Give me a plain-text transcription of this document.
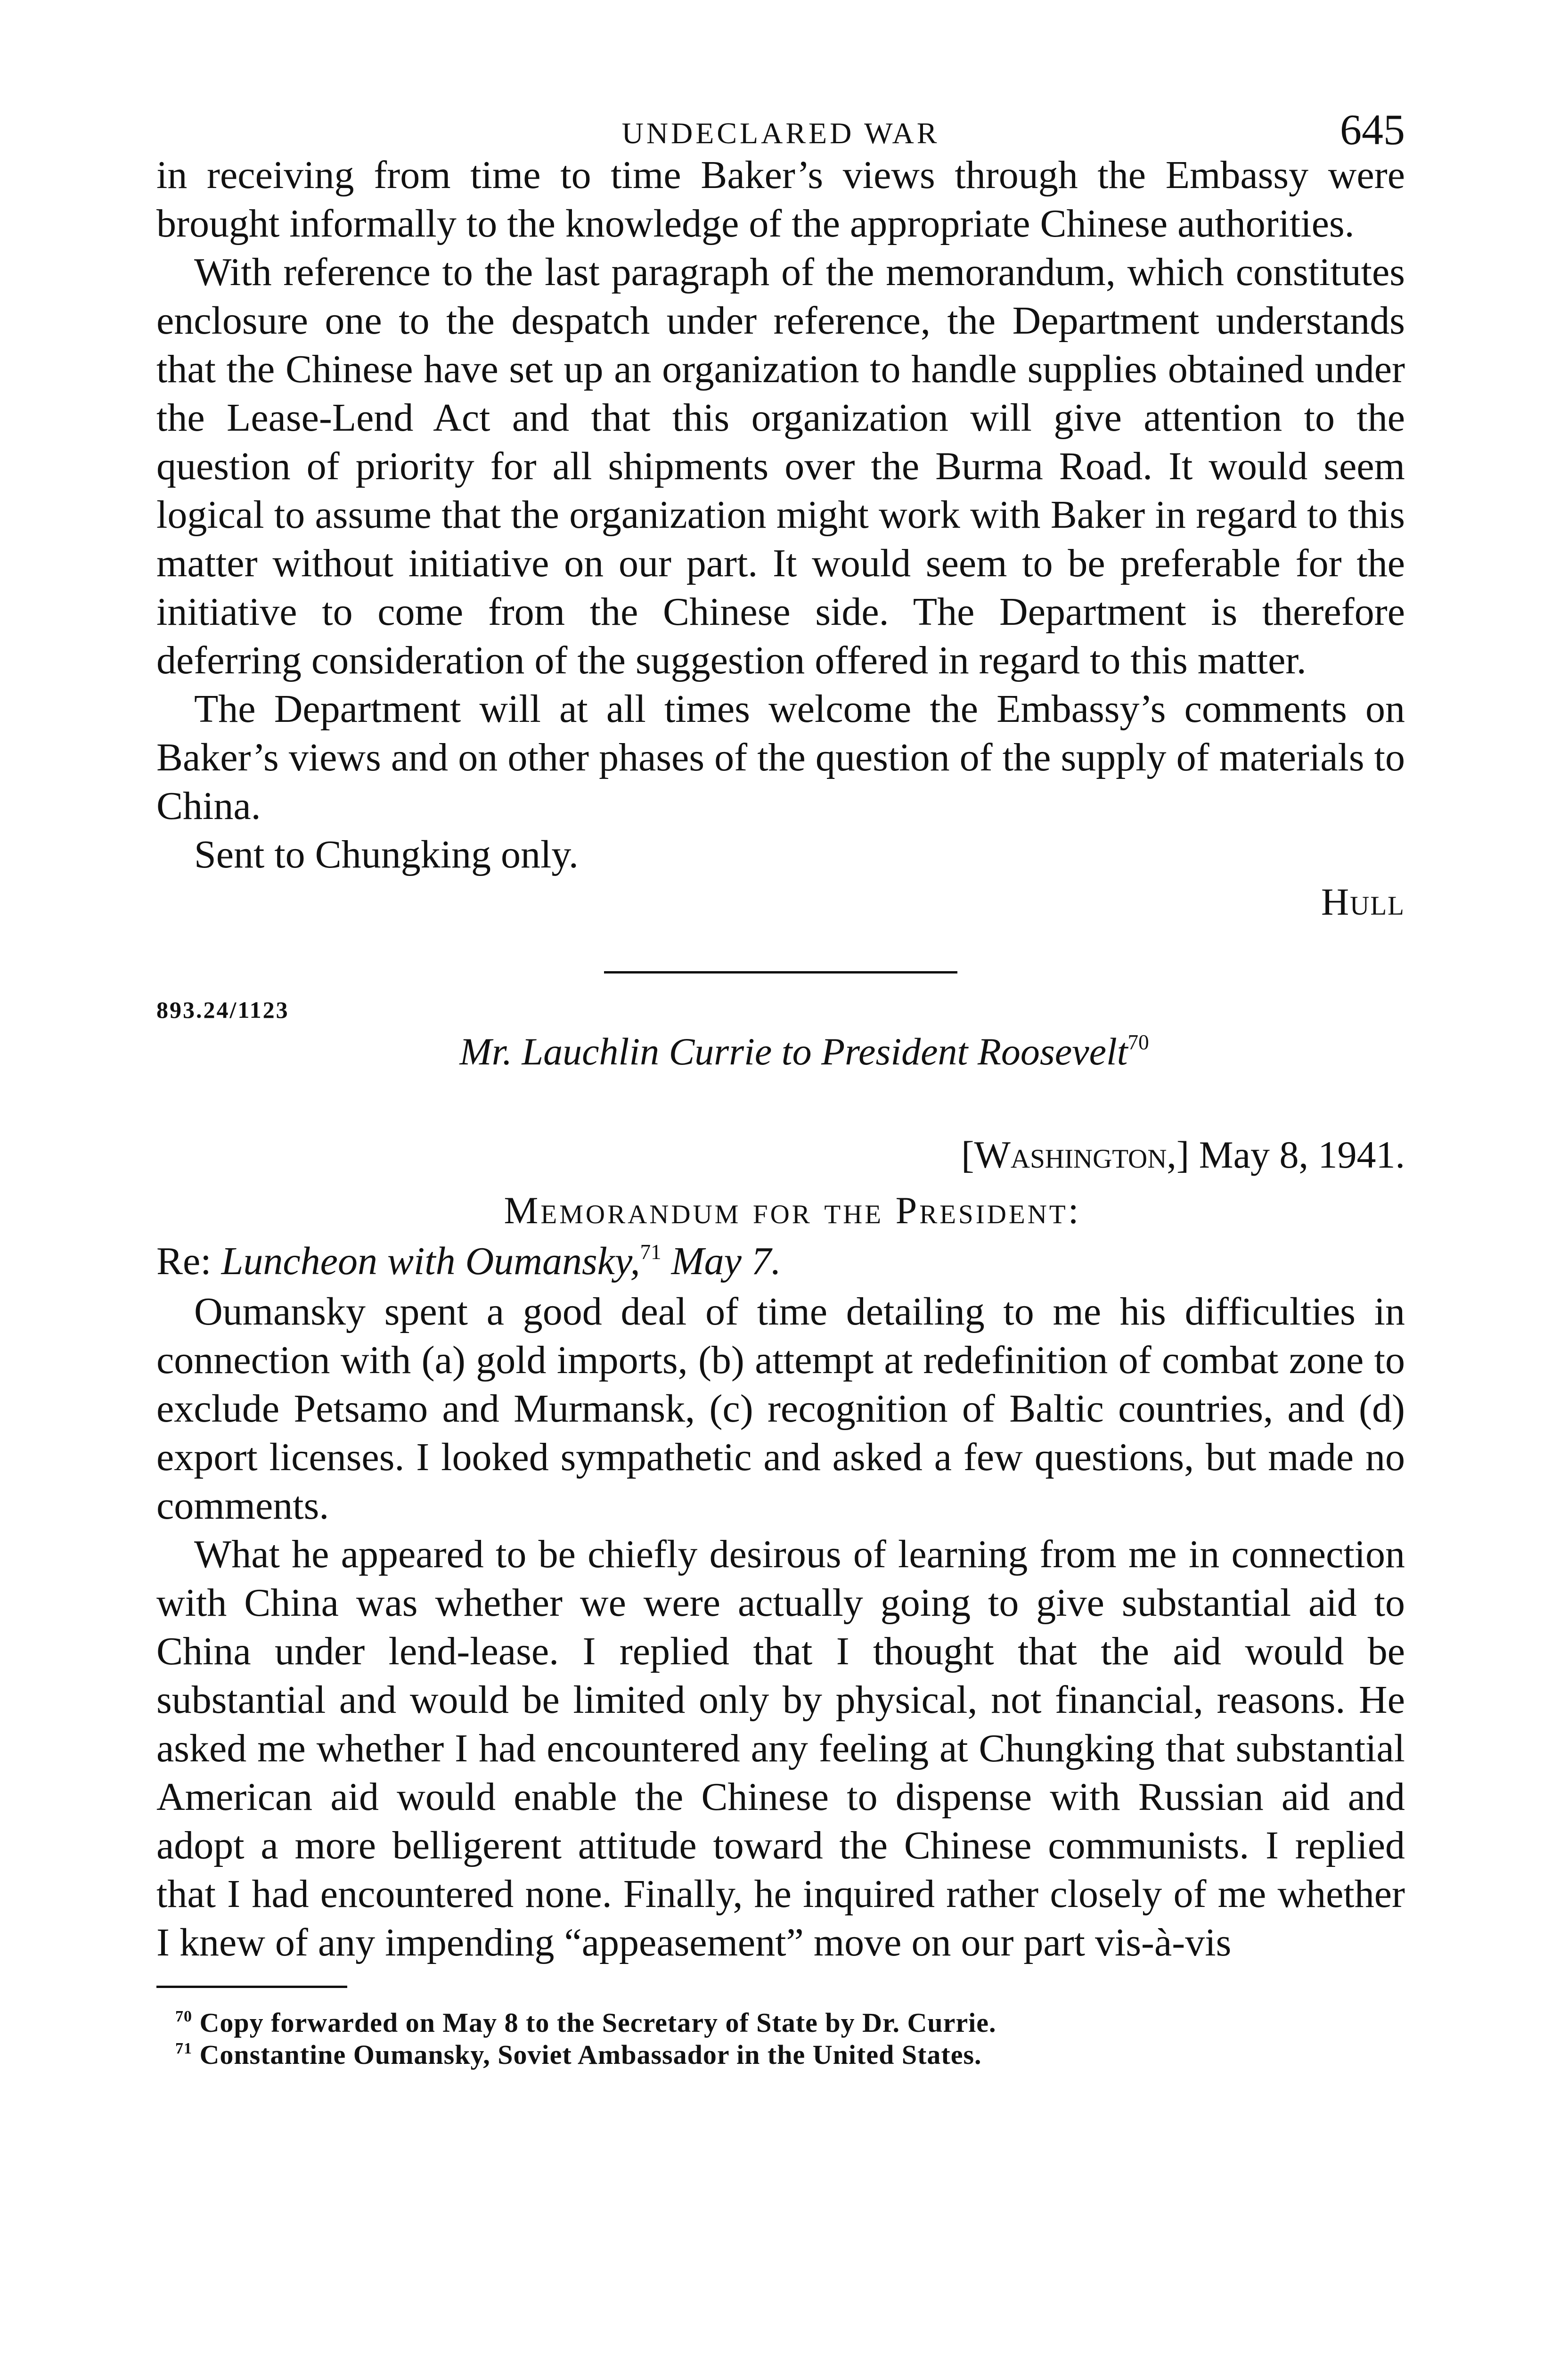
UNDECLARED WAR	645

in receiving from time to time Baker’s views through the Embassy were brought informally to the knowledge of the appropriate Chinese authorities.

With reference to the last paragraph of the memorandum, which constitutes enclosure one to the despatch under reference, the Department understands that the Chinese have set up an organization to handle supplies obtained under the Lease-Lend Act and that this organization will give attention to the question of priority for all shipments over the Burma Road. It would seem logical to assume that the organization might work with Baker in regard to this matter without initiative on our part. It would seem to be preferable for the initiative to come from the Chinese side. The Department is therefore deferring consideration of the suggestion offered in regard to this matter.

The Department will at all times welcome the Embassy’s comments on Baker’s views and on other phases of the question of the supply of materials to China.

Sent to Chungking only.

Hull
893.24/1123
Mr. Lauchlin Currie to President Roosevelt$^{70}$
[Washington,] May 8, 1941.
Memorandum for the President:
Re: Luncheon with Oumansky,$^{71}$ May 7.

Oumansky spent a good deal of time detailing to me his difficulties in connection with (a) gold imports, (b) attempt at redefinition of combat zone to exclude Petsamo and Murmansk, (c) recognition of Baltic countries, and (d) export licenses. I looked sympathetic and asked a few questions, but made no comments.

What he appeared to be chiefly desirous of learning from me in connection with China was whether we were actually going to give substantial aid to China under lend-lease. I replied that I thought that the aid would be substantial and would be limited only by physical, not financial, reasons. He asked me whether I had encountered any feeling at Chungking that substantial American aid would enable the Chinese to dispense with Russian aid and adopt a more belligerent attitude toward the Chinese communists. I replied that I had encountered none. Finally, he inquired rather closely of me whether I knew of any impending “appeasement” move on our part vis-à-vis

$^{70}$ Copy forwarded on May 8 to the Secretary of State by Dr. Currie.
$^{71}$ Constantine Oumansky, Soviet Ambassador in the United States.
